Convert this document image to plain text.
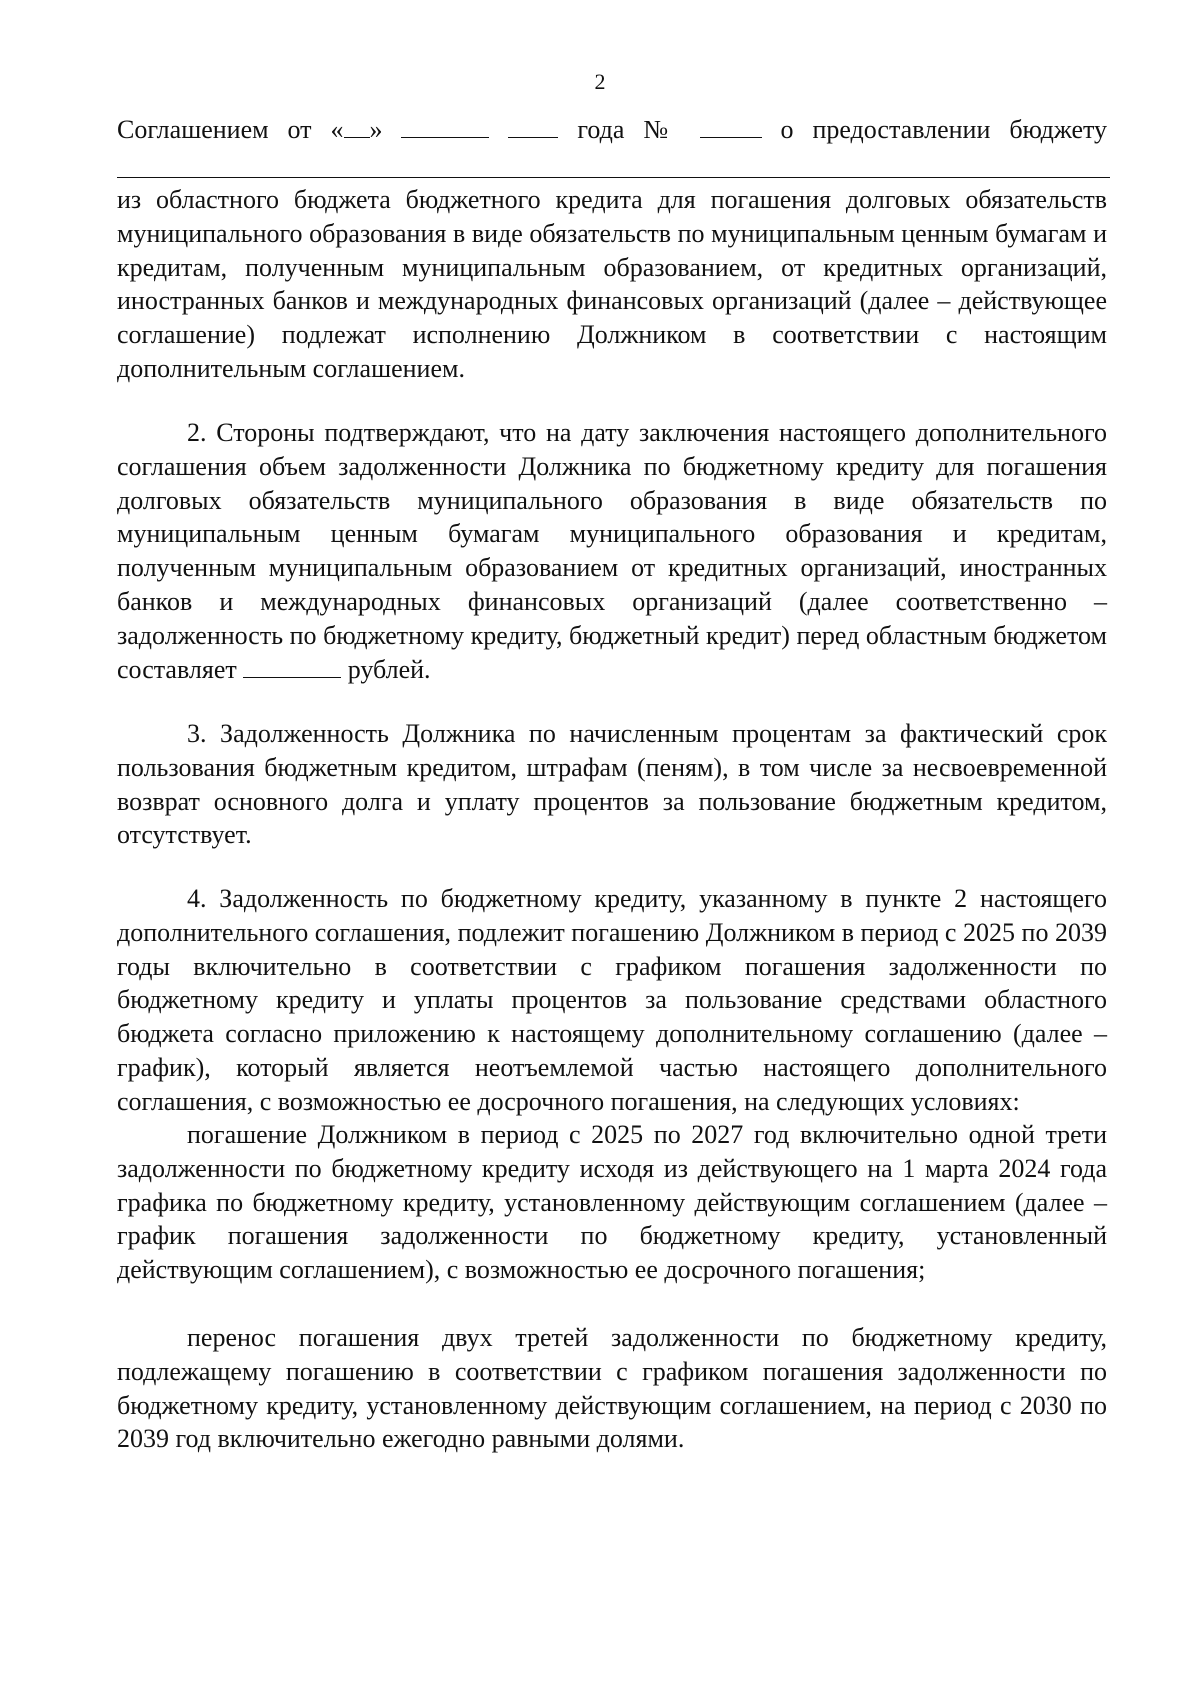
2
Соглашением от « »	года №	о предоставлении бюджету
из областного бюджета бюджетного кредита для погашения долговых обязательств муниципального образования в виде обязательств по муниципальным ценным бумагам и кредитам, полученным муниципальным образованием, от кредитных организаций, иностранных банков и международных финансовых организаций (далее – действующее соглашение) подлежат исполнению Должником в соответствии с настоящим дополнительным соглашением.
2. Стороны подтверждают, что на дату заключения настоящего дополнительного соглашения объем задолженности Должника по бюджетному кредиту для погашения долговых обязательств муниципального образования в виде обязательств по муниципальным ценным бумагам муниципального образования и кредитам, полученным муниципальным образованием от кредитных организаций, иностранных банков и международных финансовых организаций (далее соответственно – задолженность по бюджетному кредиту, бюджетный кредит) перед областным бюджетом составляет	рублей.
3. Задолженность Должника по начисленным процентам за фактический срок пользования бюджетным кредитом, штрафам (пеням), в том числе за несвоевременной возврат основного долга и уплату процентов за пользование бюджетным кредитом, отсутствует.
4. Задолженность по бюджетному кредиту, указанному в пункте 2 настоящего дополнительного соглашения, подлежит погашению Должником в период с 2025 по 2039 годы включительно в соответствии с графиком погашения задолженности по бюджетному кредиту и уплаты процентов за пользование средствами областного бюджета согласно приложению к настоящему дополнительному соглашению (далее – график), который является неотъемлемой частью настоящего дополнительного соглашения, с возможностью ее досрочного погашения, на следующих условиях:
погашение Должником в период с 2025 по 2027 год включительно одной трети задолженности по бюджетному кредиту исходя из действующего на 1 марта 2024 года графика по бюджетному кредиту, установленному действующим соглашением (далее – график погашения задолженности по бюджетному кредиту, установленный действующим соглашением), с возможностью ее досрочного погашения;
перенос погашения двух третей задолженности по бюджетному кредиту, подлежащему погашению в соответствии с графиком погашения задолженности по бюджетному кредиту, установленному действующим соглашением, на период с 2030 по 2039 год включительно ежегодно равными долями.
